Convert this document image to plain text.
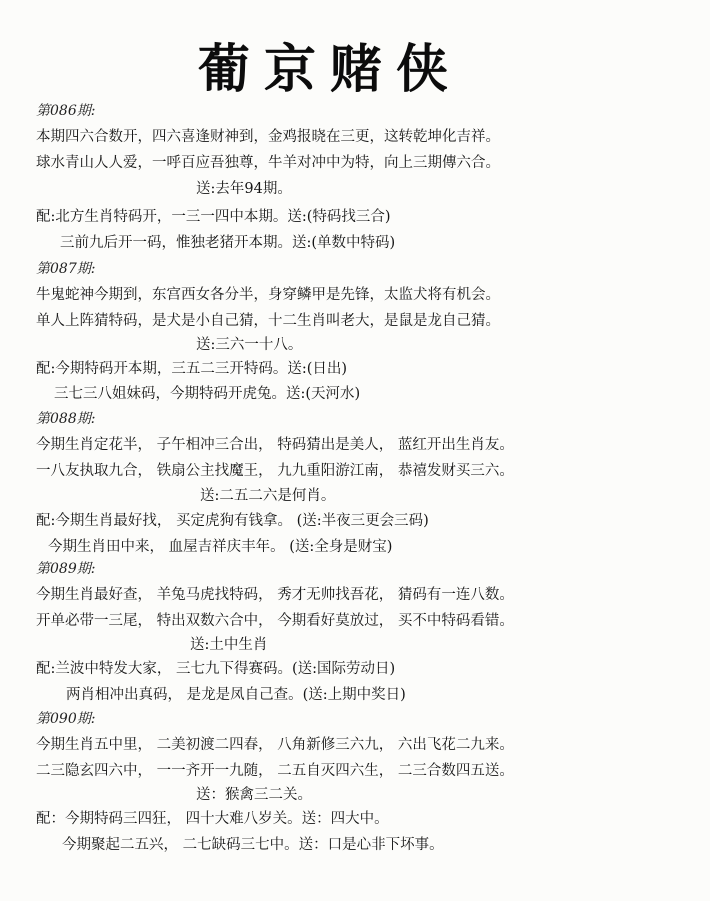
葡京赌侠
第086期:
本期四六合数开，四六喜逢财神到，金鸡报晓在三更，这转乾坤化吉祥。
球水青山人人爱，一呼百应吾独尊，牛羊对冲中为特，向上三期傳六合。
送:去年94期。
配:北方生肖特码开，一三一四中本期。送:(特码找三合)
三前九后开一码，惟独老猪开本期。送:(单数中特码)
第087期:
牛鬼蛇神今期到，东宫西女各分半，身穿鳞甲是先锋，太监犬将有机会。
单人上阵猜特码，是犬是小自己猜，十二生肖叫老大，是鼠是龙自己猜。
送:三六一十八。
配:今期特码开本期，三五二三开特码。送:(日出)
三七三八姐妹码，今期特码开虎兔。送:(天河水)
第088期:
今期生肖定花半， 子午相冲三合出， 特码猜出是美人， 蓝红开出生肖友。
一八友执取九合， 铁扇公主找魔王， 九九重阳游江南， 恭禧发财买三六。
送:二五二六是何肖。
配:今期生肖最好找， 买定虎狗有钱拿。 (送:半夜三更会三码)
今期生肖田中来， 血屋吉祥庆丰年。 (送:全身是财宝)
第089期:
今期生肖最好查， 羊兔马虎找特码， 秀才无帅找吾花， 猜码有一连八数。
开单必带一三尾， 特出双数六合中， 今期看好莫放过， 买不中特码看错。
送:土中生肖
配:兰波中特发大家， 三七九下得赛码。(送:国际劳动日)
两肖相冲出真码， 是龙是凤自己查。(送:上期中奖日)
第090期:
今期生肖五中里， 二美初渡二四春， 八角新修三六九， 六出飞花二九来。
二三隐玄四六中， 一一齐开一九随， 二五自灭四六生， 二三合数四五送。
送：猴禽三二关。
配：今期特码三四狂， 四十大难八岁关。送：四大中。
今期聚起二五兴， 二七缺码三七中。送：口是心非下坏事。
